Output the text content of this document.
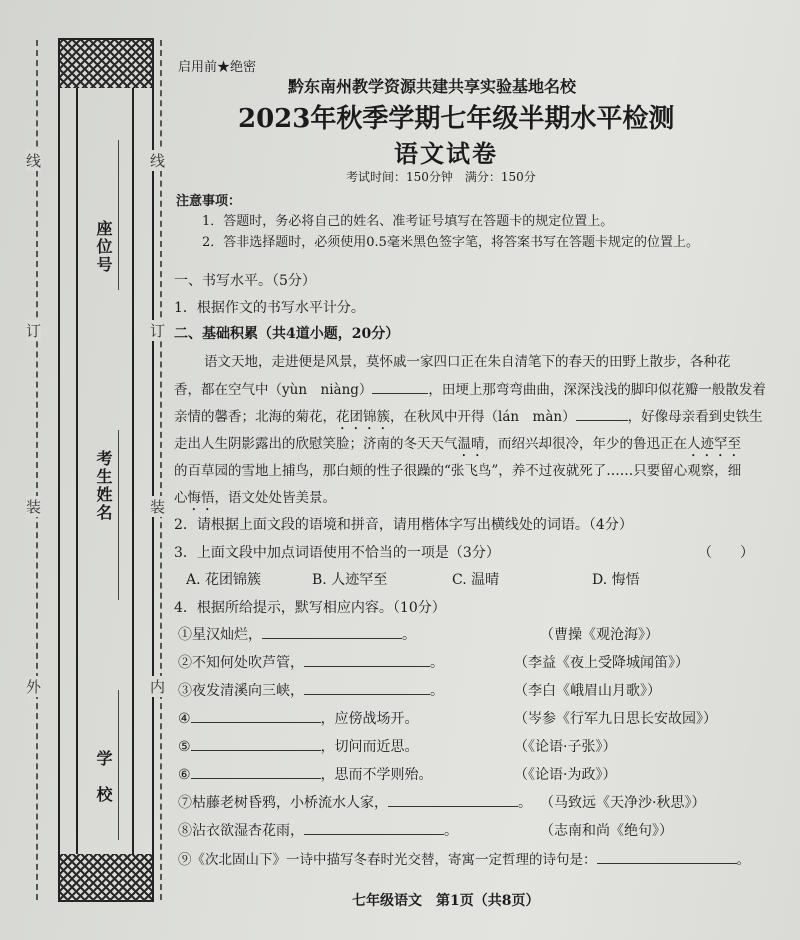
座位号
考生姓名
学　校
线
订
装
外
线
订
装
内
启用前★绝密
黔东南州教学资源共建共享实验基地名校
2023年秋季学期七年级半期水平检测
语文试卷
考试时间：150分钟　满分：150分
注意事项：
1．答题时，务必将自己的姓名、准考证号填写在答题卡的规定位置上。
2．答非选择题时，必须使用0.5毫米黑色签字笔，将答案书写在答题卡规定的位置上。
一、书写水平。（5分）
1．根据作文的书写水平计分。
二、基础积累（共4道小题，20分）
语文天地，走进便是风景，莫怀戚一家四口正在朱自清笔下的春天的田野上散步，各种花
香，都在空气中（yùn　niàng）	，田埂上那弯弯曲曲，深深浅浅的脚印似花瓣一般散发着
亲情的馨香；北海的菊花，花团锦簇，在秋风中开得（lán　màn）	，好像母亲看到史铁生
走出人生阴影露出的欣慰笑脸；济南的冬天天气温晴，而绍兴却很冷，年少的鲁迅正在人迹罕至
的百草园的雪地上捕鸟，那白颊的性子很躁的“张飞鸟”，养不过夜就死了……只要留心观察，细
心悔悟，语文处处皆美景。
2．请根据上面文段的语境和拼音，请用楷体字写出横线处的词语。（4分）
3．上面文段中加点词语使用不恰当的一项是（3分）	（　　）
A. 花团锦簇	B. 人迹罕至	C. 温晴	D. 悔悟
4．根据所给提示，默写相应内容。（10分）
①星汉灿烂，	。	（曹操《观沧海》）
②不知何处吹芦管，	。	（李益《夜上受降城闻笛》）
③夜发清溪向三峡，	。	（李白《峨眉山月歌》）
④	，应傍战场开。	（岑参《行军九日思长安故园》）
⑤	，切问而近思。	（《论语·子张》）
⑥	，思而不学则殆。	（《论语·为政》）
⑦枯藤老树昏鸦，小桥流水人家，	。 （马致远《天净沙·秋思》）
⑧沾衣欲湿杏花雨，	。	（志南和尚《绝句》）
⑨《次北固山下》一诗中描写冬春时光交替，寄寓一定哲理的诗句是：	。
七年级语文　第1页（共8页）
